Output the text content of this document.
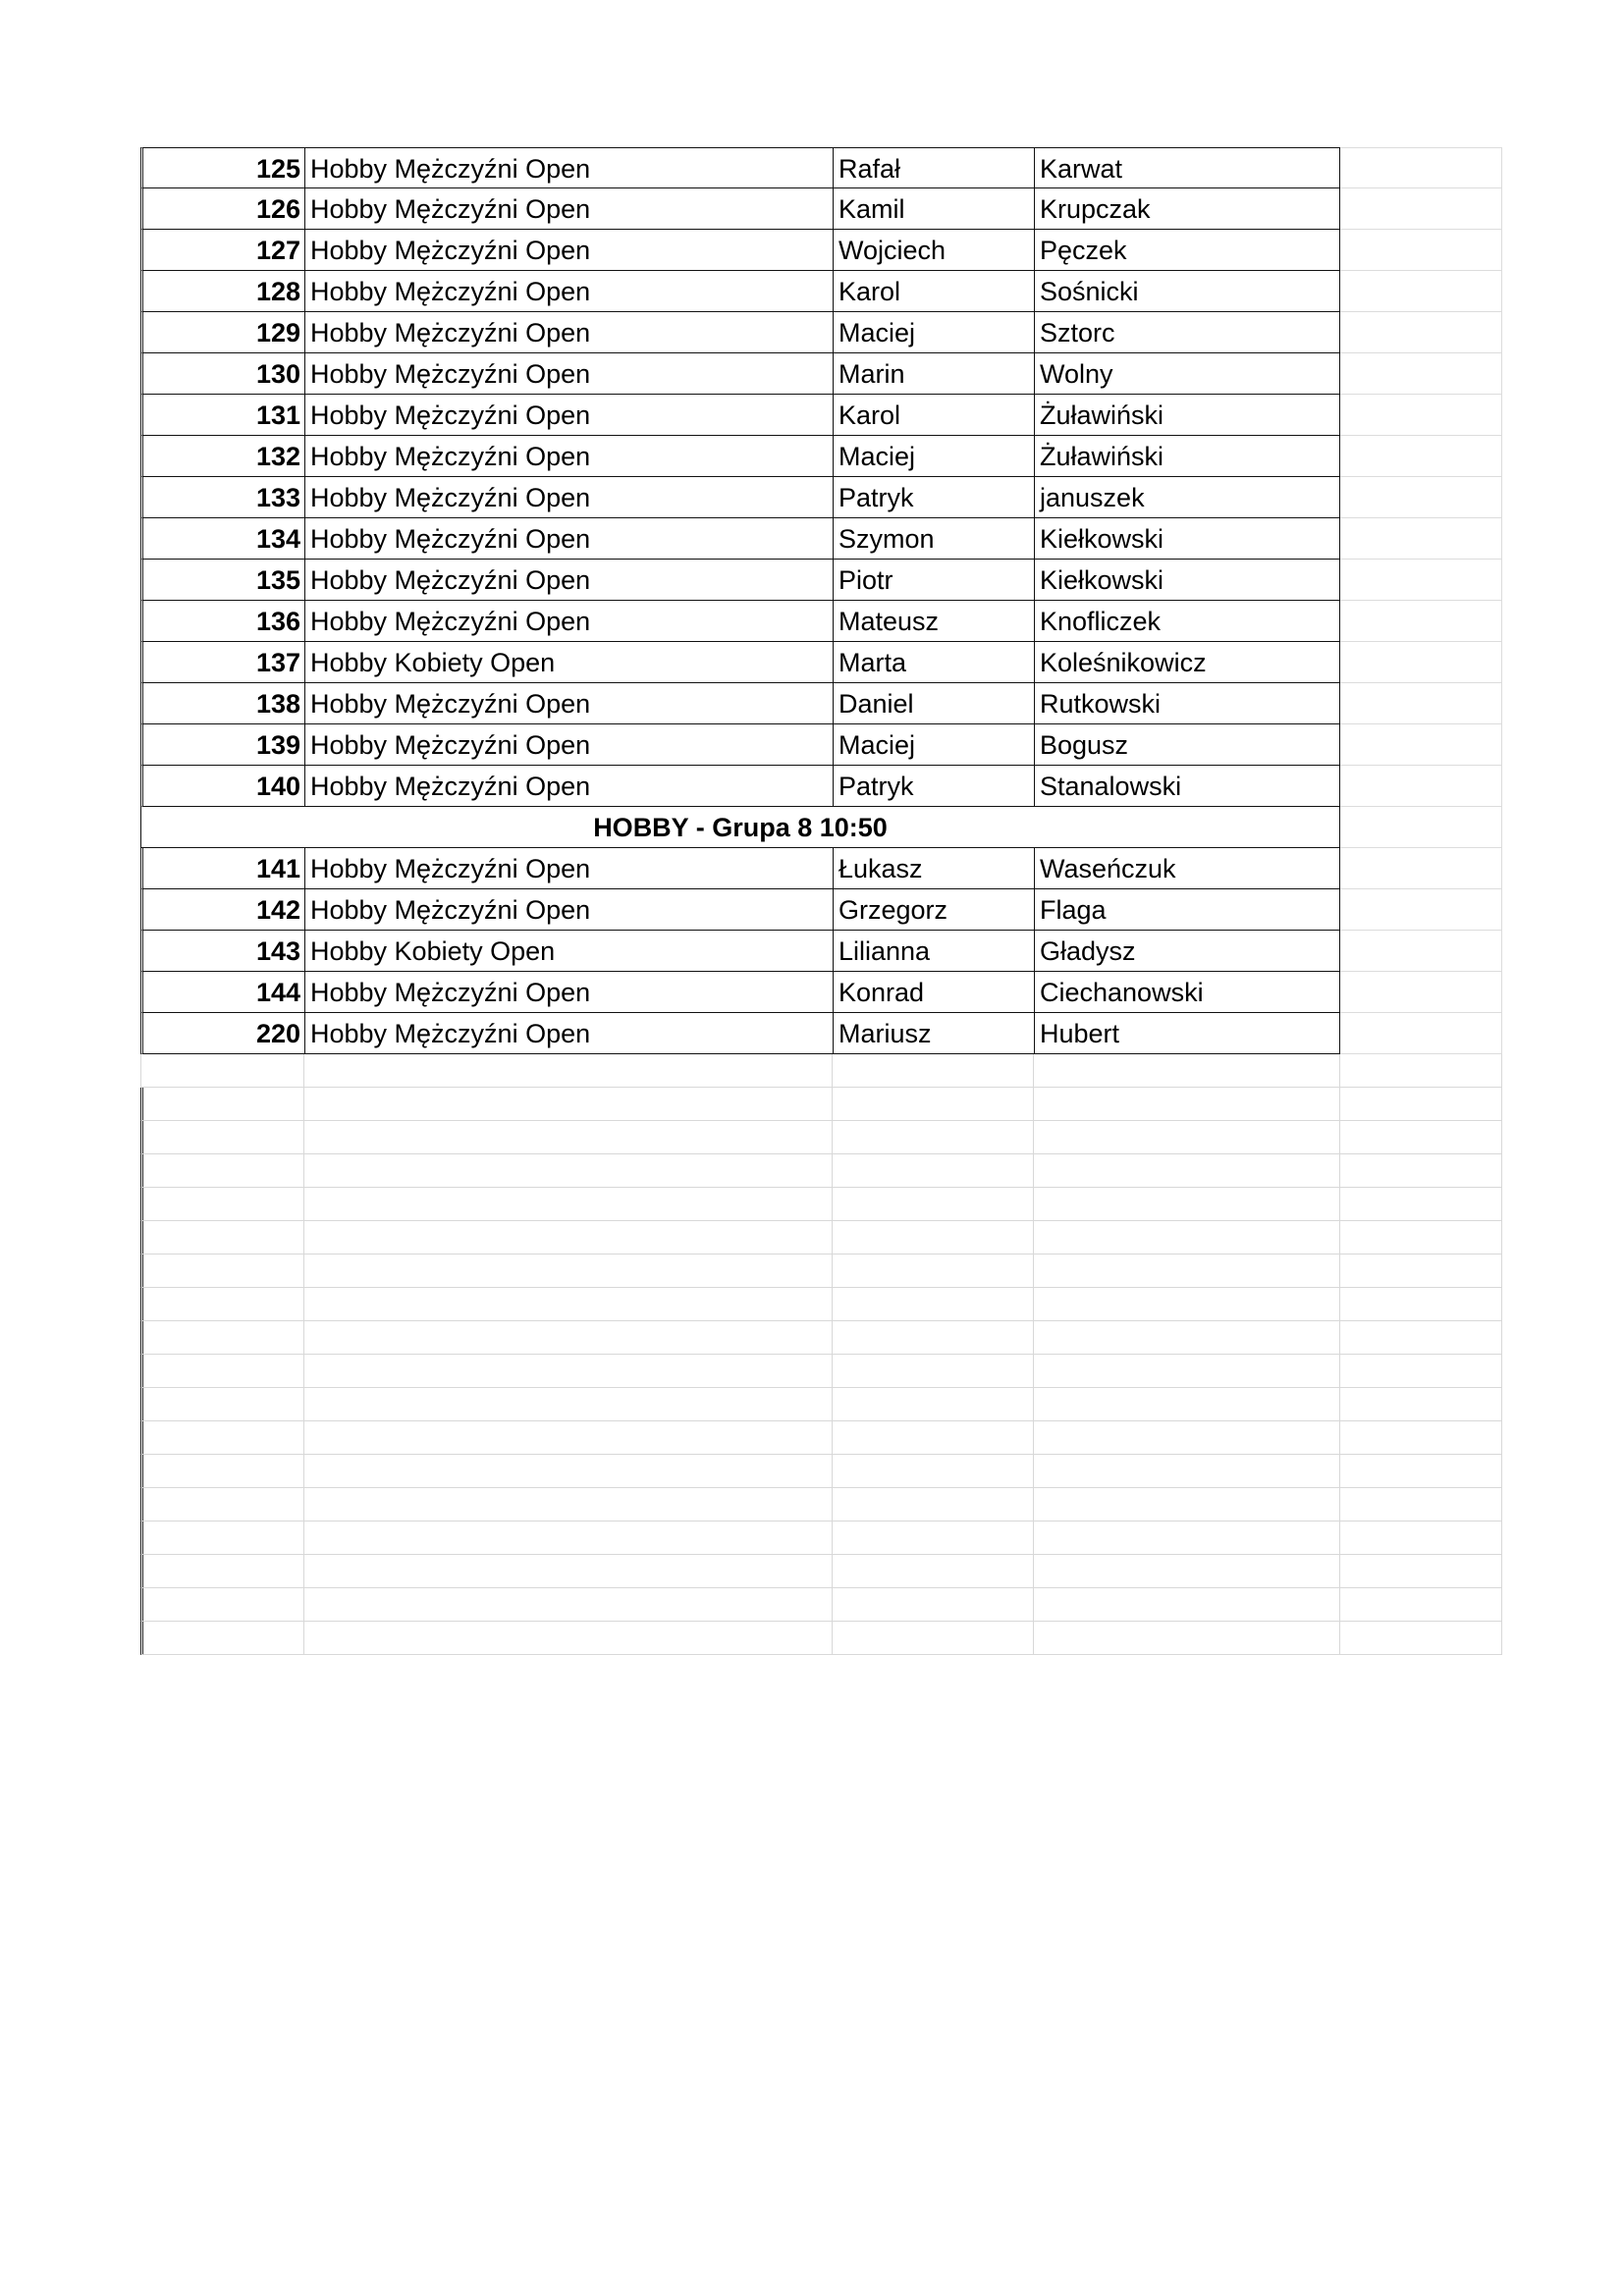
125 Hobby Mężczyźni Open	Rafał	Karwat
126 Hobby Mężczyźni Open	Kamil	Krupczak
127 Hobby Mężczyźni Open	Wojciech	Pęczek
128 Hobby Mężczyźni Open	Karol	Sośnicki
129 Hobby Mężczyźni Open	Maciej	Sztorc
130 Hobby Mężczyźni Open	Marin	Wolny
131 Hobby Mężczyźni Open	Karol	Żuławiński
132 Hobby Mężczyźni Open	Maciej	Żuławiński
133 Hobby Mężczyźni Open	Patryk	januszek
134 Hobby Mężczyźni Open	Szymon	Kiełkowski
135 Hobby Mężczyźni Open	Piotr	Kiełkowski
136 Hobby Mężczyźni Open	Mateusz	Knofliczek
137 Hobby Kobiety Open	Marta	Koleśnikowicz
138 Hobby Mężczyźni Open	Daniel	Rutkowski
139 Hobby Mężczyźni Open	Maciej	Bogusz
140 Hobby Mężczyźni Open	Patryk	Stanalowski
HOBBY - Grupa 8 10:50
141 Hobby Mężczyźni Open	Łukasz	Waseńczuk
142 Hobby Mężczyźni Open	Grzegorz	Flaga
143 Hobby Kobiety Open	Lilianna	Gładysz
144 Hobby Mężczyźni Open	Konrad	Ciechanowski
220 Hobby Mężczyźni Open	Mariusz	Hubert
